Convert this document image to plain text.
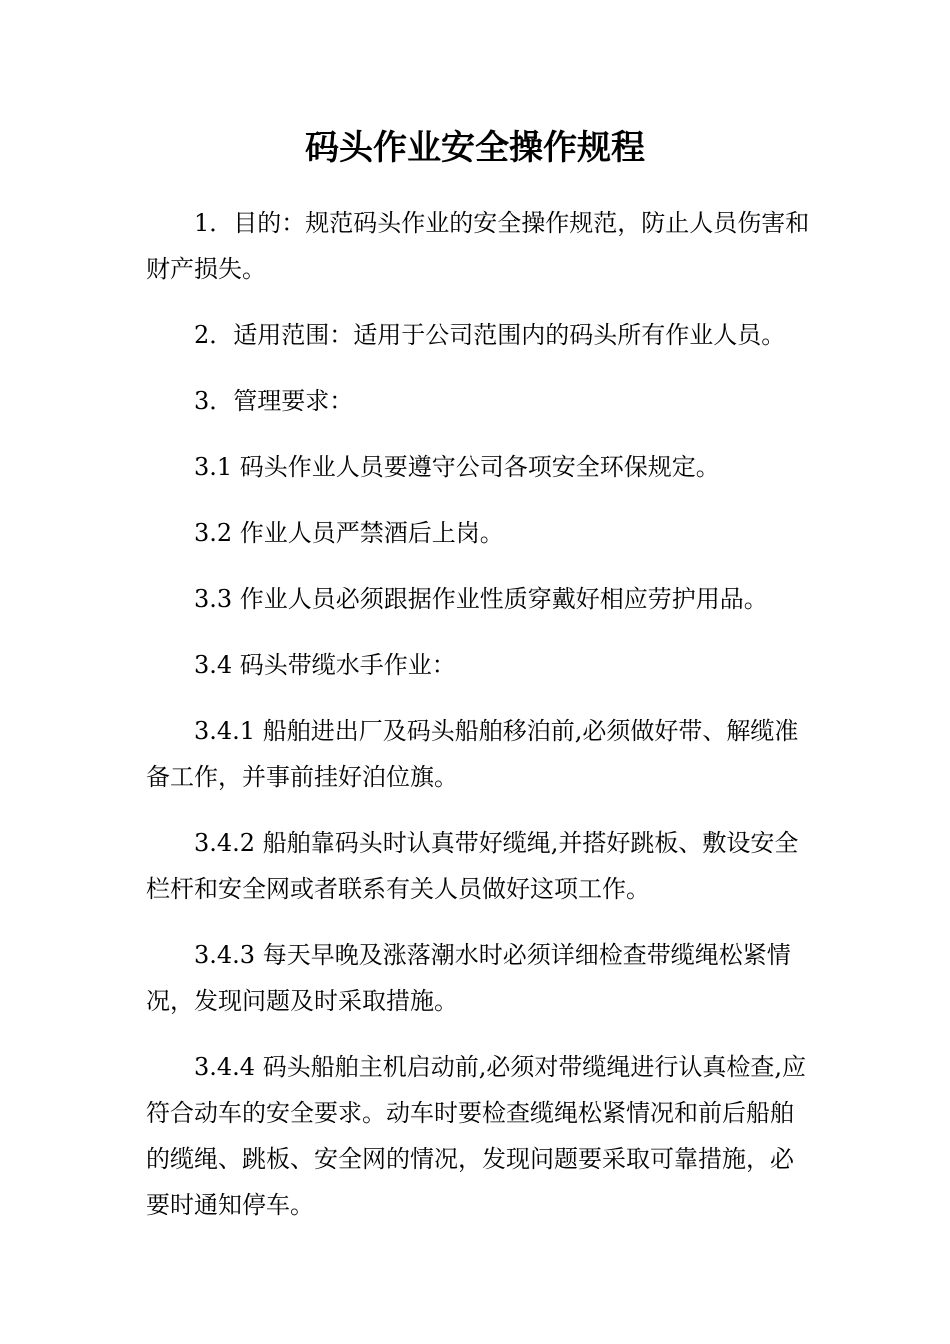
码头作业安全操作规程

1．目的：规范码头作业的安全操作规范，防止人员伤害和财产损失。

2．适用范围：适用于公司范围内的码头所有作业人员。

3．管理要求：

3.1 码头作业人员要遵守公司各项安全环保规定。

3.2 作业人员严禁酒后上岗。

3.3 作业人员必须跟据作业性质穿戴好相应劳护用品。

3.4 码头带缆水手作业：

3.4.1 船舶进出厂及码头船舶移泊前,必须做好带、解缆准备工作，并事前挂好泊位旗。

3.4.2 船舶靠码头时认真带好缆绳,并搭好跳板、敷设安全栏杆和安全网或者联系有关人员做好这项工作。

3.4.3 每天早晚及涨落潮水时必须详细检查带缆绳松紧情况，发现问题及时采取措施。

3.4.4 码头船舶主机启动前,必须对带缆绳进行认真检查,应符合动车的安全要求。动车时要检查缆绳松紧情况和前后船舶的缆绳、跳板、安全网的情况，发现问题要采取可靠措施，必要时通知停车。
